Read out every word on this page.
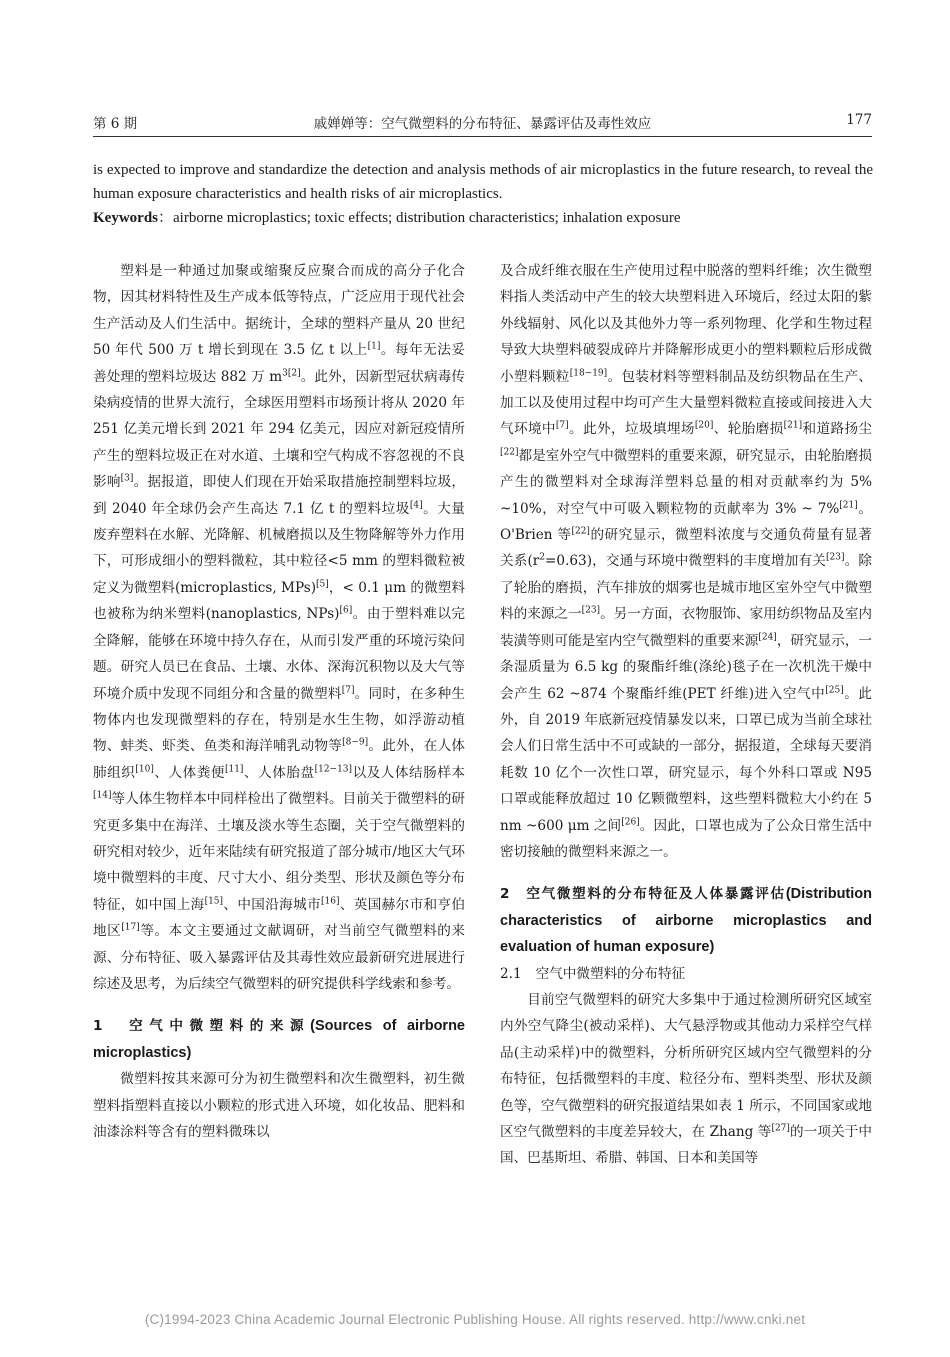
第 6 期	戚婵婵等：空气微塑料的分布特征、暴露评估及毒性效应	177

is expected to improve and standardize the detection and analysis methods of air microplastics in the future research, to reveal the human exposure characteristics and health risks of air microplastics.

Keywords：airborne microplastics; toxic effects; distribution characteristics; inhalation exposure

塑料是一种通过加聚或缩聚反应聚合而成的高分子化合物，因其材料特性及生产成本低等特点，广泛应用于现代社会生产活动及人们生活中。据统计，全球的塑料产量从 20 世纪 50 年代 500 万 t 增长到现在 3.5 亿 t 以上[1]。每年无法妥善处理的塑料垃圾达 882 万 $m^{3[2]}$。此外，因新型冠状病毒传染病疫情的世界大流行，全球医用塑料市场预计将从 2020 年 251 亿美元增长到 2021 年 294 亿美元，因应对新冠疫情所产生的塑料垃圾正在对水道、土壤和空气构成不容忽视的不良影响[3]。据报道，即使人们现在开始采取措施控制塑料垃圾，到 2040 年全球仍会产生高达 7.1 亿 t 的塑料垃圾[4]。大量废弃塑料在水解、光降解、机械磨损以及生物降解等外力作用下，可形成细小的塑料微粒，其中粒径<5 mm 的塑料微粒被定义为微塑料(microplastics, MPs)[5]，< 0.1 μm 的微塑料也被称为纳米塑料(nanoplastics, NPs)[6]。由于塑料难以完全降解，能够在环境中持久存在，从而引发严重的环境污染问题。研究人员已在食品、土壤、水体、深海沉积物以及大气等环境介质中发现不同组分和含量的微塑料[7]。同时，在多种生物体内也发现微塑料的存在，特别是水生生物，如浮游动植物、蚌类、虾类、鱼类和海洋哺乳动物等[8−9]。此外，在人体肺组织[10]、人体粪便[11]、人体胎盘[12−13]以及人体结肠样本[14]等人体生物样本中同样检出了微塑料。目前关于微塑料的研究更多集中在海洋、土壤及淡水等生态圈，关于空气微塑料的研究相对较少，近年来陆续有研究报道了部分城市/地区大气环境中微塑料的丰度、尺寸大小、组分类型、形状及颜色等分布特征，如中国上海[15]、中国沿海城市[16]、英国赫尔市和亨伯地区[17]等。本文主要通过文献调研，对当前空气微塑料的来源、分布特征、吸入暴露评估及其毒性效应最新研究进展进行综述及思考，为后续空气微塑料的研究提供科学线索和参考。

1　空气中微塑料的来源(Sources of airborne microplastics)

微塑料按其来源可分为初生微塑料和次生微塑料，初生微塑料指塑料直接以小颗粒的形式进入环境，如化妆品、肥料和油漆涂料等含有的塑料微珠以

及合成纤维衣服在生产使用过程中脱落的塑料纤维；次生微塑料指人类活动中产生的较大块塑料进入环境后，经过太阳的紫外线辐射、风化以及其他外力等一系列物理、化学和生物过程导致大块塑料破裂成碎片并降解形成更小的塑料颗粒后形成微小塑料颗粒[18−19]。包装材料等塑料制品及纺织物品在生产、加工以及使用过程中均可产生大量塑料微粒直接或间接进入大气环境中[7]。此外，垃圾填埋场[20]、轮胎磨损[21]和道路扬尘[22]都是室外空气中微塑料的重要来源，研究显示，由轮胎磨损产生的微塑料对全球海洋塑料总量的相对贡献率约为 5% ~10%，对空气中可吸入颗粒物的贡献率为 3% ~ 7%[21]。O'Brien 等[22]的研究显示，微塑料浓度与交通负荷量有显著关系$(r^2=0.63)$，交通与环境中微塑料的丰度增加有关[23]。除了轮胎的磨损，汽车排放的烟雾也是城市地区室外空气中微塑料的来源之一[23]。另一方面，衣物服饰、家用纺织物品及室内装潢等则可能是室内空气微塑料的重要来源[24]，研究显示，一条湿质量为 6.5 kg 的聚酯纤维(涤纶)毯子在一次机洗干燥中会产生 62 ~874 个聚酯纤维(PET 纤维)进入空气中[25]。此外，自 2019 年底新冠疫情暴发以来，口罩已成为当前全球社会人们日常生活中不可或缺的一部分，据报道，全球每天要消耗数 10 亿个一次性口罩，研究显示，每个外科口罩或 N95 口罩或能释放超过 10 亿颗微塑料，这些塑料微粒大小约在 5 nm ~600 μm 之间[26]。因此，口罩也成为了公众日常生活中密切接触的微塑料来源之一。

2　空气微塑料的分布特征及人体暴露评估(Distribution characteristics of airborne microplastics and evaluation of human exposure)

2.1 空气中微塑料的分布特征

目前空气微塑料的研究大多集中于通过检测所研究区域室内外空气降尘(被动采样)、大气悬浮物或其他动力采样空气样品(主动采样)中的微塑料，分析所研究区域内空气微塑料的分布特征，包括微塑料的丰度、粒径分布、塑料类型、形状及颜色等，空气微塑料的研究报道结果如表 1 所示，不同国家或地区空气微塑料的丰度差异较大，在 Zhang 等[27]的一项关于中国、巴基斯坦、希腊、韩国、日本和美国等

(C)1994-2023 China Academic Journal Electronic Publishing House. All rights reserved. http://www.cnki.net
